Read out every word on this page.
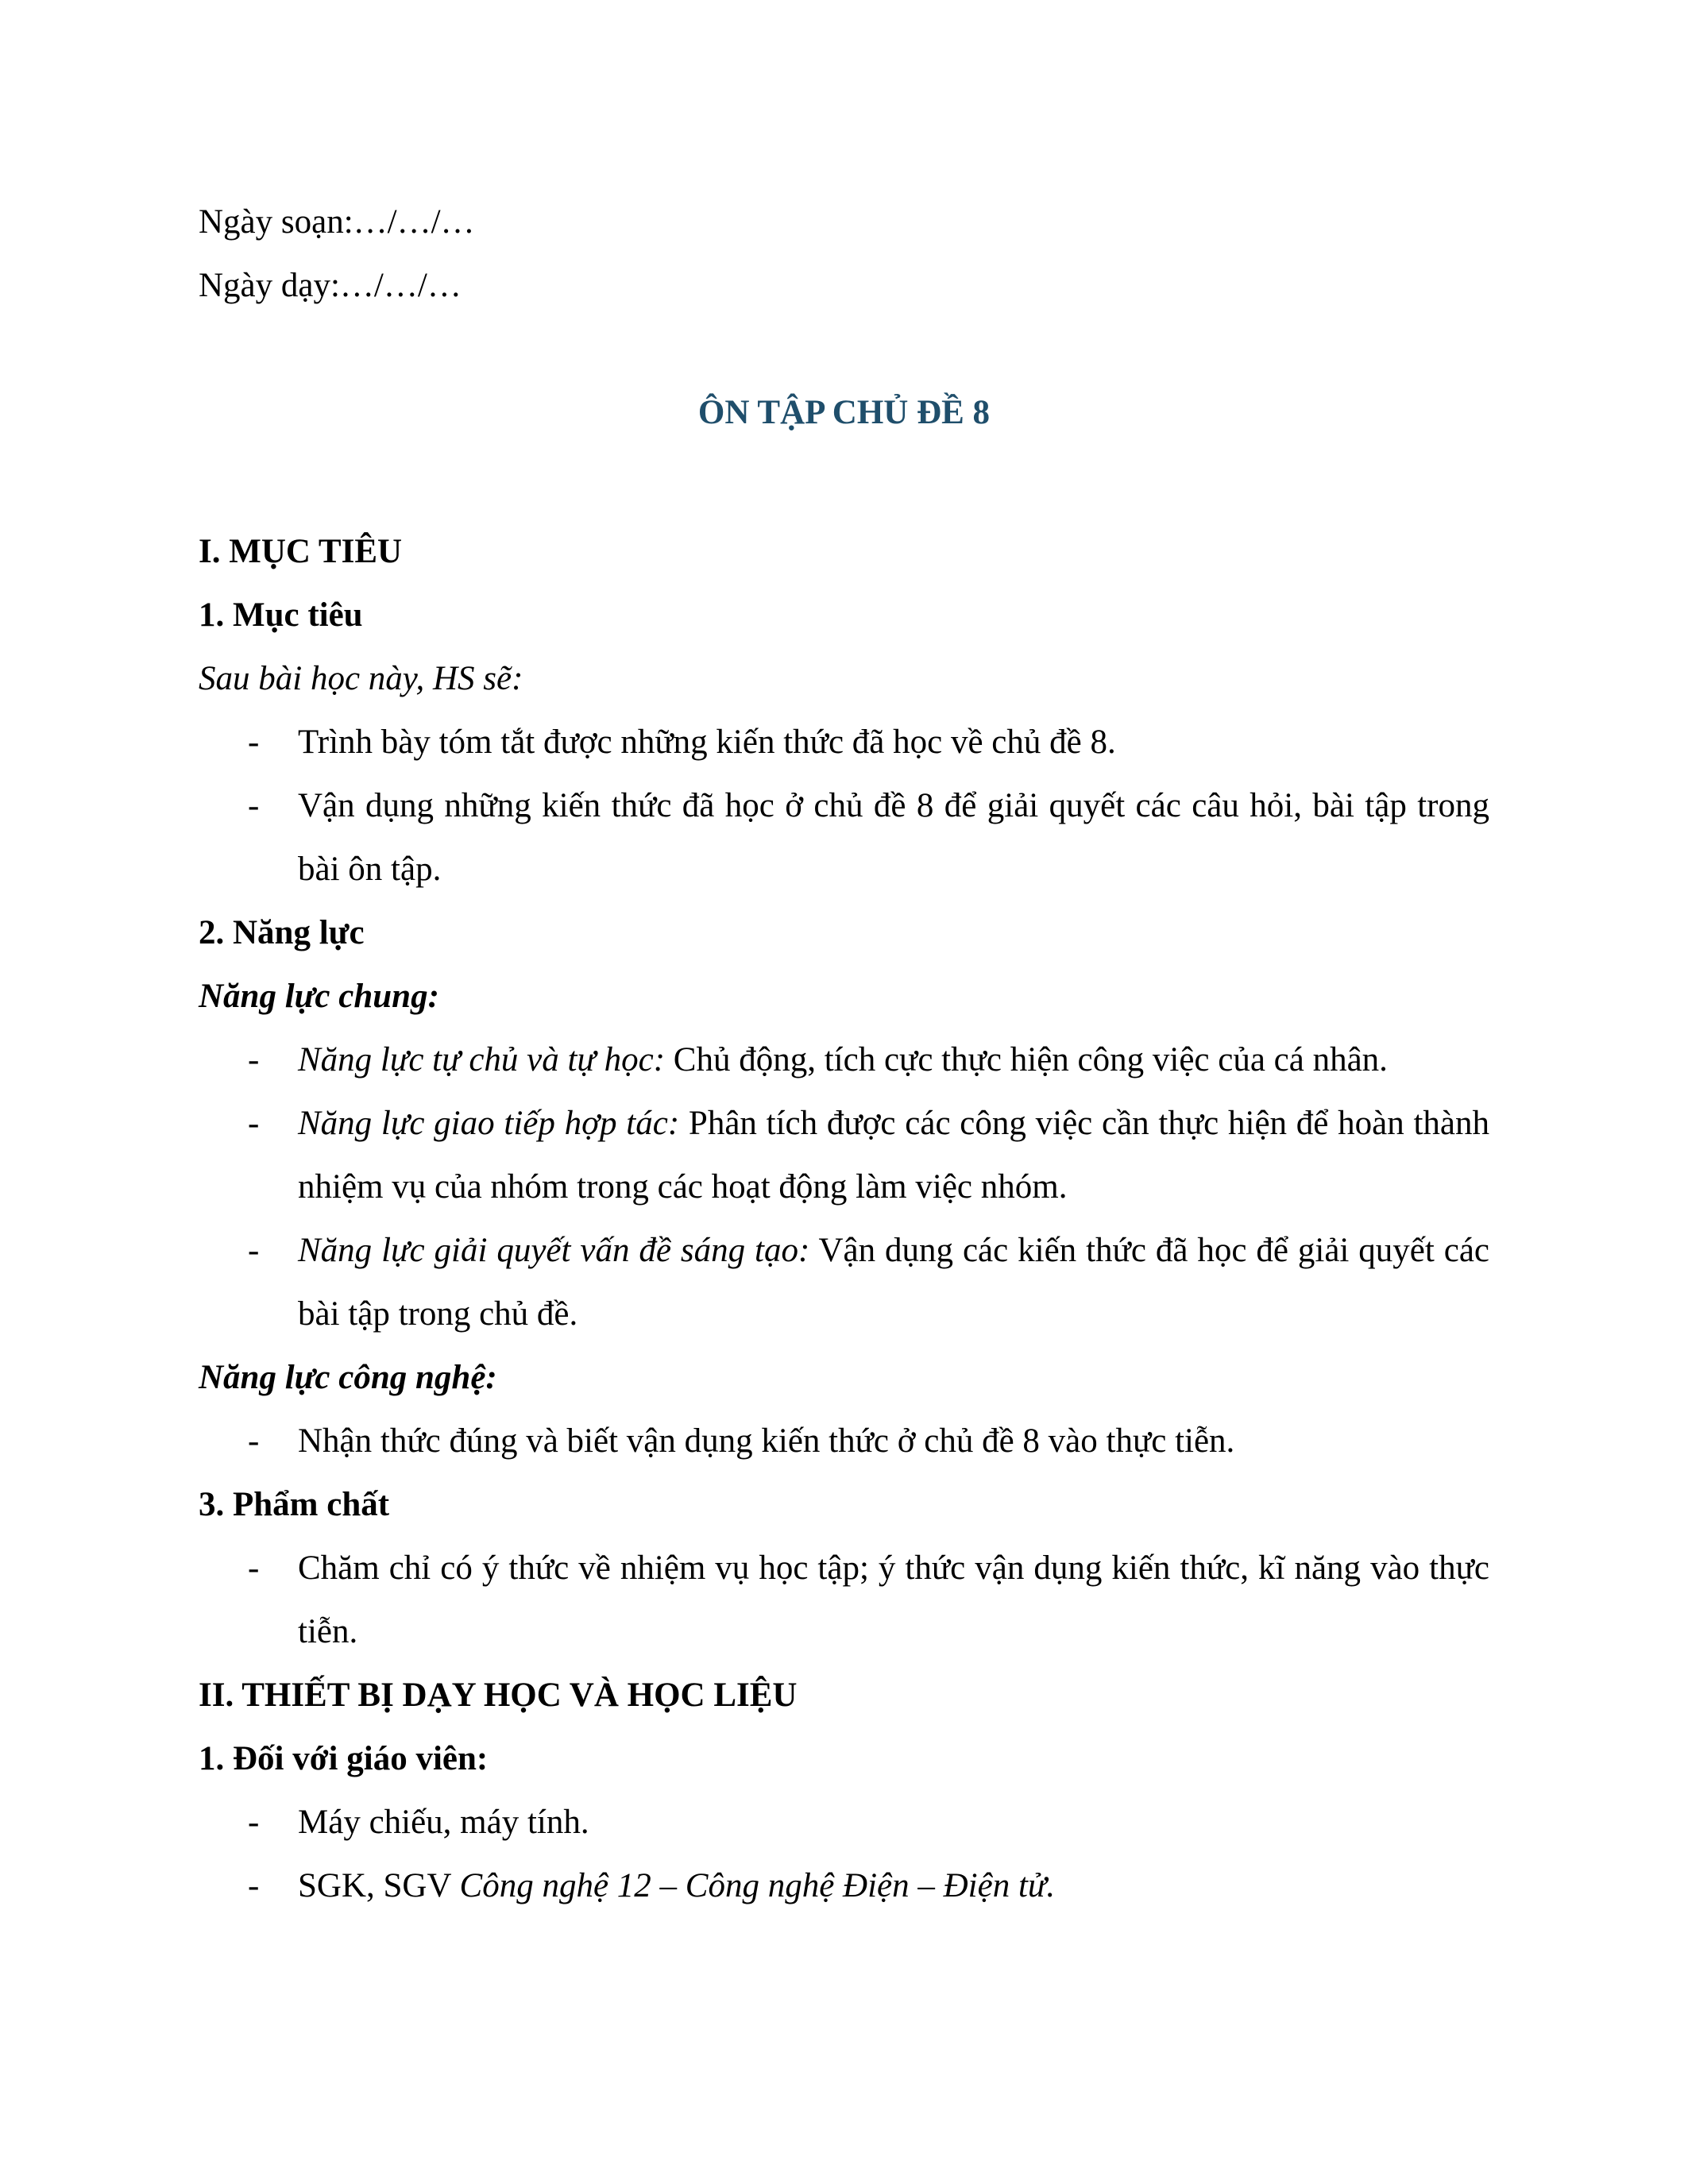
Ngày soạn:…/…/…
Ngày dạy:…/…/…
ÔN TẬP CHỦ ĐỀ 8
I. MỤC TIÊU
1. Mục tiêu
Sau bài học này, HS sẽ:
- Trình bày tóm tắt được những kiến thức đã học về chủ đề 8.
- Vận dụng những kiến thức đã học ở chủ đề 8 để giải quyết các câu hỏi, bài tập trong bài ôn tập.
2. Năng lực
Năng lực chung:
- Năng lực tự chủ và tự học: Chủ động, tích cực thực hiện công việc của cá nhân.
- Năng lực giao tiếp hợp tác: Phân tích được các công việc cần thực hiện để hoàn thành nhiệm vụ của nhóm trong các hoạt động làm việc nhóm.
- Năng lực giải quyết vấn đề sáng tạo: Vận dụng các kiến thức đã học để giải quyết các bài tập trong chủ đề.
Năng lực công nghệ:
- Nhận thức đúng và biết vận dụng kiến thức ở chủ đề 8 vào thực tiễn.
3. Phẩm chất
- Chăm chỉ có ý thức về nhiệm vụ học tập; ý thức vận dụng kiến thức, kĩ năng vào thực tiễn.
II. THIẾT BỊ DẠY HỌC VÀ HỌC LIỆU
1. Đối với giáo viên:
- Máy chiếu, máy tính.
- SGK, SGV Công nghệ 12 – Công nghệ Điện – Điện tử.
